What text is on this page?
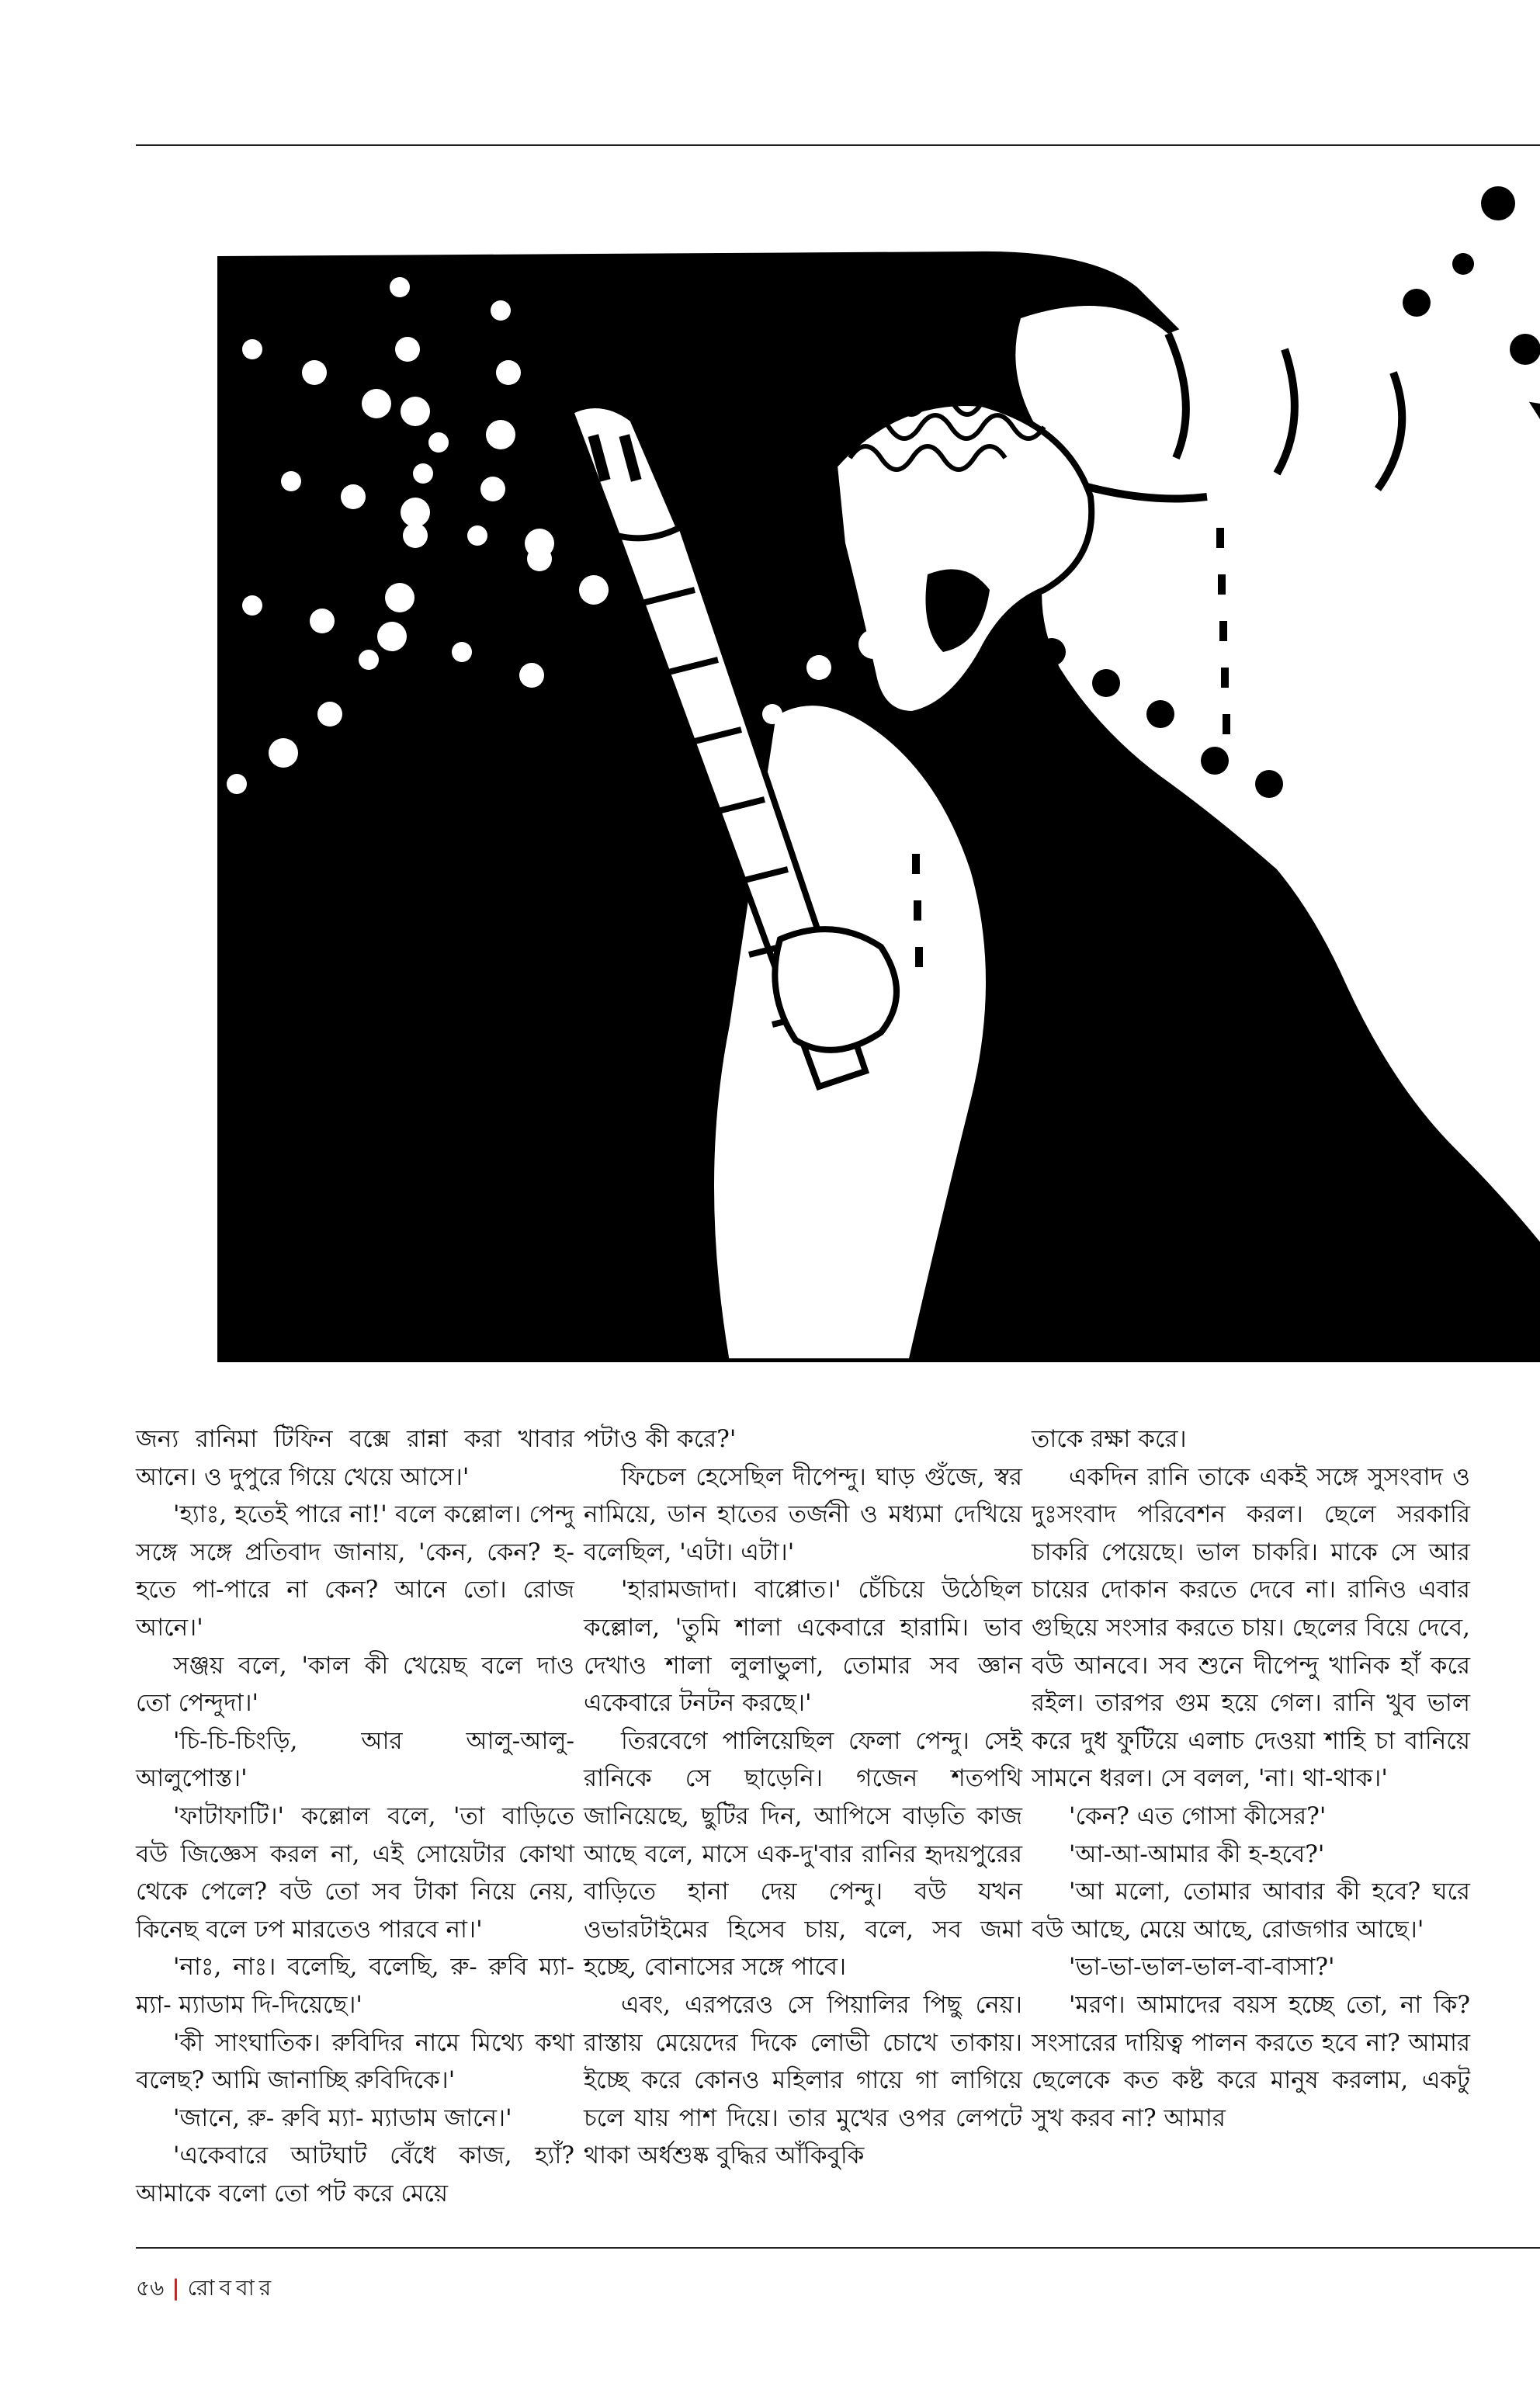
জন্য রানিমা টিফিন বক্সে রান্না করা খাবার আনে। ও দুপুরে গিয়ে খেয়ে আসে।'

'হ্যাঃ, হতেই পারে না!' বলে কল্লোল। পেন্দু সঙ্গে সঙ্গে প্রতিবাদ জানায়, 'কেন, কেন? হ-হতে পা-পারে না কেন? আনে তো। রোজ আনে।'

সঞ্জয় বলে, 'কাল কী খেয়েছ বলে দাও তো পেন্দুদা।'

'চি-চি-চিংড়ি, আর আলু-আলু- আলুপোস্ত।'

'ফাটাফাটি।' কল্লোল বলে, 'তা বাড়িতে বউ জিজ্ঞেস করল না, এই সোয়েটার কোথা থেকে পেলে? বউ তো সব টাকা নিয়ে নেয়, কিনেছ বলে ঢপ মারতেও পারবে না।'

'নাঃ, নাঃ। বলেছি, বলেছি, রু- রুবি ম্যা- ম্যা- ম্যাডাম দি-দিয়েছে।'

'কী সাংঘাতিক। রুবিদির নামে মিথ্যে কথা বলেছ? আমি জানাচ্ছি রুবিদিকে।'

'জানে, রু- রুবি ম্যা- ম্যাডাম জানে।'

'একেবারে আটঘাট বেঁধে কাজ, হ্যাঁ? আমাকে বলো তো পট করে মেয়ে

পটাও কী করে?'

ফিচেল হেসেছিল দীপেন্দু। ঘাড় গুঁজে, স্বর নামিয়ে, ডান হাতের তর্জনী ও মধ্যমা দেখিয়ে বলেছিল, 'এটা। এটা।'

'হারামজাদা। বাপ্পোত।' চেঁচিয়ে উঠেছিল কল্লোল, 'তুমি শালা একেবারে হারামি। ভাব দেখাও শালা লুলাভুলা, তোমার সব জ্ঞান একেবারে টনটন করছে।'

তিরবেগে পালিয়েছিল ফেলা পেন্দু। সেই রানিকে সে ছাড়েনি। গজেন শতপথি জানিয়েছে, ছুটির দিন, আপিসে বাড়তি কাজ আছে বলে, মাসে এক-দু'বার রানির হৃদয়পুরের বাড়িতে হানা দেয় পেন্দু। বউ যখন ওভারটাইমের হিসেব চায়, বলে, সব জমা হচ্ছে, বোনাসের সঙ্গে পাবে।

এবং, এরপরেও সে পিয়ালির পিছু নেয়। রাস্তায় মেয়েদের দিকে লোভী চোখে তাকায়। ইচ্ছে করে কোনও মহিলার গায়ে গা লাগিয়ে চলে যায় পাশ দিয়ে। তার মুখের ওপর লেপটে থাকা অর্ধশুষ্ক বুদ্ধির আঁকিবুকি

তাকে রক্ষা করে।

একদিন রানি তাকে একই সঙ্গে সুসংবাদ ও দুঃসংবাদ পরিবেশন করল। ছেলে সরকারি চাকরি পেয়েছে। ভাল চাকরি। মাকে সে আর চায়ের দোকান করতে দেবে না। রানিও এবার গুছিয়ে সংসার করতে চায়। ছেলের বিয়ে দেবে, বউ আনবে। সব শুনে দীপেন্দু খানিক হাঁ করে রইল। তারপর গুম হয়ে গেল। রানি খুব ভাল করে দুধ ফুটিয়ে এলাচ দেওয়া শাহি চা বানিয়ে সামনে ধরল। সে বলল, 'না। থা-থাক।'

'কেন? এত গোসা কীসের?'

'আ-আ-আমার কী হ-হবে?'

'আ মলো, তোমার আবার কী হবে? ঘরে বউ আছে, মেয়ে আছে, রোজগার আছে।'

'ভা-ভা-ভাল-ভাল-বা-বাসা?'

'মরণ। আমাদের বয়স হচ্ছে তো, না কি? সংসারের দায়িত্ব পালন করতে হবে না? আমার ছেলেকে কত কষ্ট করে মানুষ করলাম, একটু সুখ করব না? আমার

৫৬ | রোববার
